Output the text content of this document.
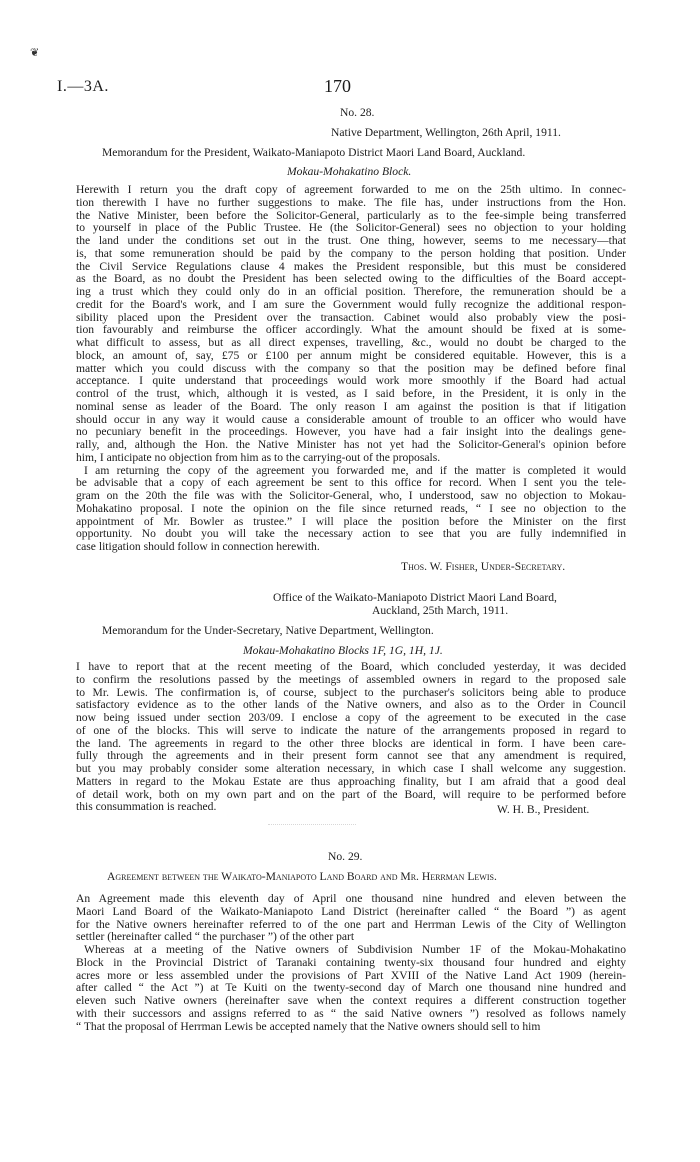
❦
I.—3A.	170
No. 28.
Native Department, Wellington, 26th April, 1911.
Memorandum for the President, Waikato-Maniapoto District Maori Land Board, Auckland.
Mokau-Mohakatino Block.
Herewith I return you the draft copy of agreement forwarded to me on the 25th ultimo. In connec-
tion therewith I have no further suggestions to make. The file has, under instructions from the Hon.
the Native Minister, been before the Solicitor-General, particularly as to the fee-simple being transferred
to yourself in place of the Public Trustee. He (the Solicitor-General) sees no objection to your holding
the land under the conditions set out in the trust. One thing, however, seems to me necessary—that
is, that some remuneration should be paid by the company to the person holding that position. Under
the Civil Service Regulations clause 4 makes the President responsible, but this must be considered
as the Board, as no doubt the President has been selected owing to the difficulties of the Board accept-
ing a trust which they could only do in an official position. Therefore, the remuneration should be a
credit for the Board's work, and I am sure the Government would fully recognize the additional respon-
sibility placed upon the President over the transaction. Cabinet would also probably view the posi-
tion favourably and reimburse the officer accordingly. What the amount should be fixed at is some-
what difficult to assess, but as all direct expenses, travelling, &c., would no doubt be charged to the
block, an amount of, say, £75 or £100 per annum might be considered equitable. However, this is a
matter which you could discuss with the company so that the position may be defined before final
acceptance. I quite understand that proceedings would work more smoothly if the Board had actual
control of the trust, which, although it is vested, as I said before, in the President, it is only in the
nominal sense as leader of the Board. The only reason I am against the position is that if litigation
should occur in any way it would cause a considerable amount of trouble to an officer who would have
no pecuniary benefit in the proceedings. However, you have had a fair insight into the dealings gene-
rally, and, although the Hon. the Native Minister has not yet had the Solicitor-General's opinion before
him, I anticipate no objection from him as to the carrying-out of the proposals.
I am returning the copy of the agreement you forwarded me, and if the matter is completed it would
be advisable that a copy of each agreement be sent to this office for record. When I sent you the tele-
gram on the 20th the file was with the Solicitor-General, who, I understood, saw no objection to Mokau-
Mohakatino proposal. I note the opinion on the file since returned reads, “ I see no objection to the
appointment of Mr. Bowler as trustee.” I will place the position before the Minister on the first
opportunity. No doubt you will take the necessary action to see that you are fully indemnified in
case litigation should follow in connection herewith.
Thos. W. Fisher, Under-Secretary.
Office of the Waikato-Maniapoto District Maori Land Board,
Auckland, 25th March, 1911.
Memorandum for the Under-Secretary, Native Department, Wellington.
Mokau-Mohakatino Blocks 1F, 1G, 1H, 1J.
I have to report that at the recent meeting of the Board, which concluded yesterday, it was decided
to confirm the resolutions passed by the meetings of assembled owners in regard to the proposed sale
to Mr. Lewis. The confirmation is, of course, subject to the purchaser's solicitors being able to produce
satisfactory evidence as to the other lands of the Native owners, and also as to the Order in Council
now being issued under section 203/09. I enclose a copy of the agreement to be executed in the case
of one of the blocks. This will serve to indicate the nature of the arrangements proposed in regard to
the land. The agreements in regard to the other three blocks are identical in form. I have been care-
fully through the agreements and in their present form cannot see that any amendment is required,
but you may probably consider some alteration necessary, in which case I shall welcome any suggestion.
Matters in regard to the Mokau Estate are thus approaching finality, but I am afraid that a good deal
of detail work, both on my own part and on the part of the Board, will require to be performed before
this consummation is reached.	W. H. B., President.
No. 29.
Agreement between the Waikato-Maniapoto Land Board and Mr. Herrman Lewis.
An Agreement made this eleventh day of April one thousand nine hundred and eleven between the
Maori Land Board of the Waikato-Maniapoto Land District (hereinafter called “ the Board ”) as agent
for the Native owners hereinafter referred to of the one part and Herrman Lewis of the City of Wellington
settler (hereinafter called “ the purchaser ”) of the other part
Whereas at a meeting of the Native owners of Subdivision Number 1F of the Mokau-Mohakatino
Block in the Provincial District of Taranaki containing twenty-six thousand four hundred and eighty
acres more or less assembled under the provisions of Part XVIII of the Native Land Act 1909 (herein-
after called “ the Act ”) at Te Kuiti on the twenty-second day of March one thousand nine hundred and
eleven such Native owners (hereinafter save when the context requires a different construction together
with their successors and assigns referred to as “ the said Native owners ”) resolved as follows namely
“ That the proposal of Herrman Lewis be accepted namely that the Native owners should sell to him
